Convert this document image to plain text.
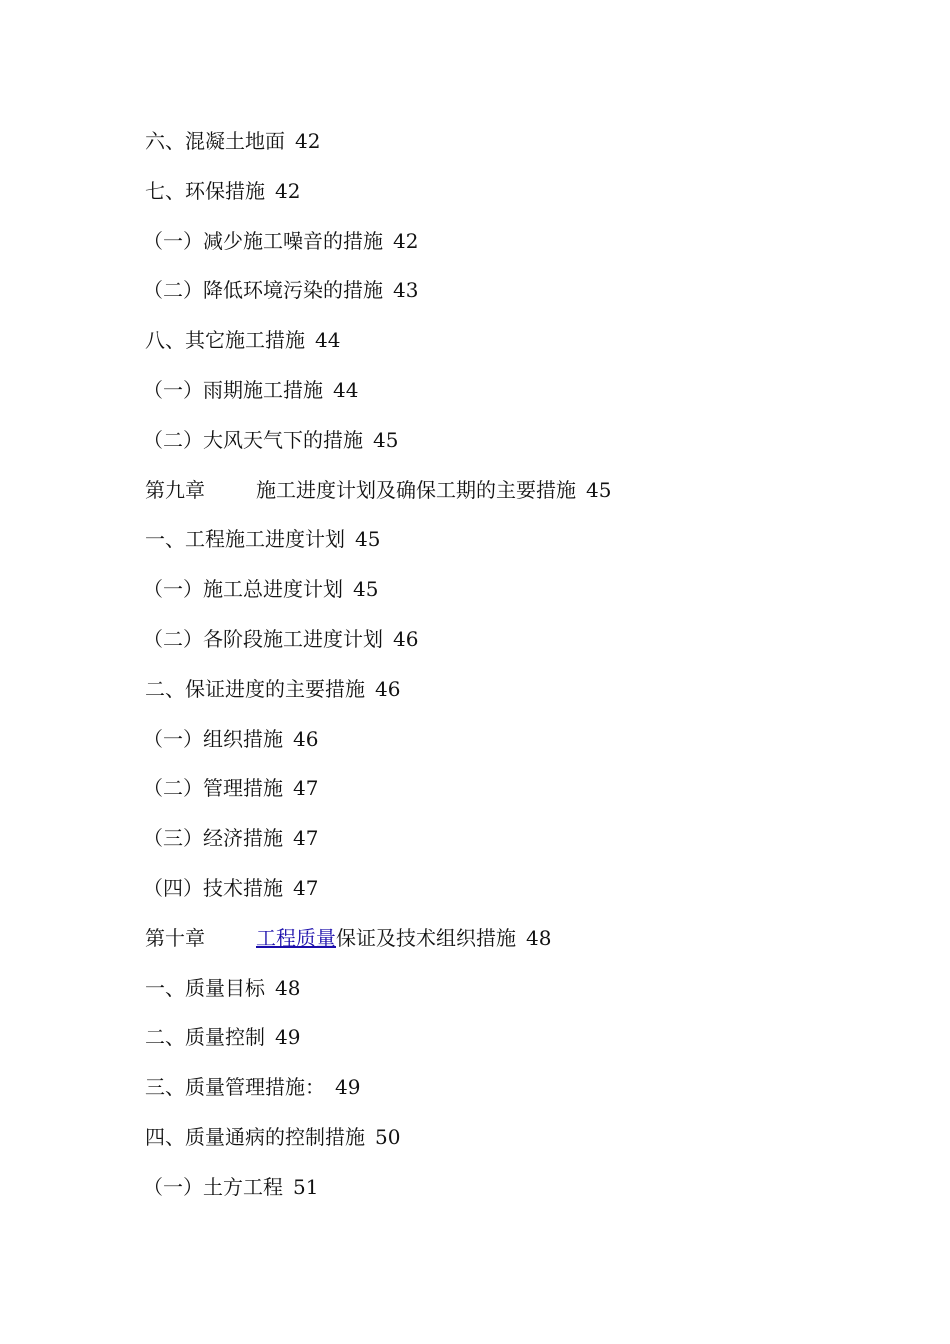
六、混凝土地面 42
七、环保措施 42
（一）减少施工噪音的措施 42
（二）降低环境污染的措施 43
八、其它施工措施 44
（一）雨期施工措施 44
（二）大风天气下的措施 45
第九章	施工进度计划及确保工期的主要措施 45
一、工程施工进度计划 45
（一）施工总进度计划 45
（二）各阶段施工进度计划 46
二、保证进度的主要措施 46
（一）组织措施 46
（二）管理措施 47
（三）经济措施 47
（四）技术措施 47
第十章	工程质量保证及技术组织措施 48
一、质量目标 48
二、质量控制 49
三、质量管理措施： 49
四、质量通病的控制措施 50
（一）土方工程 51
